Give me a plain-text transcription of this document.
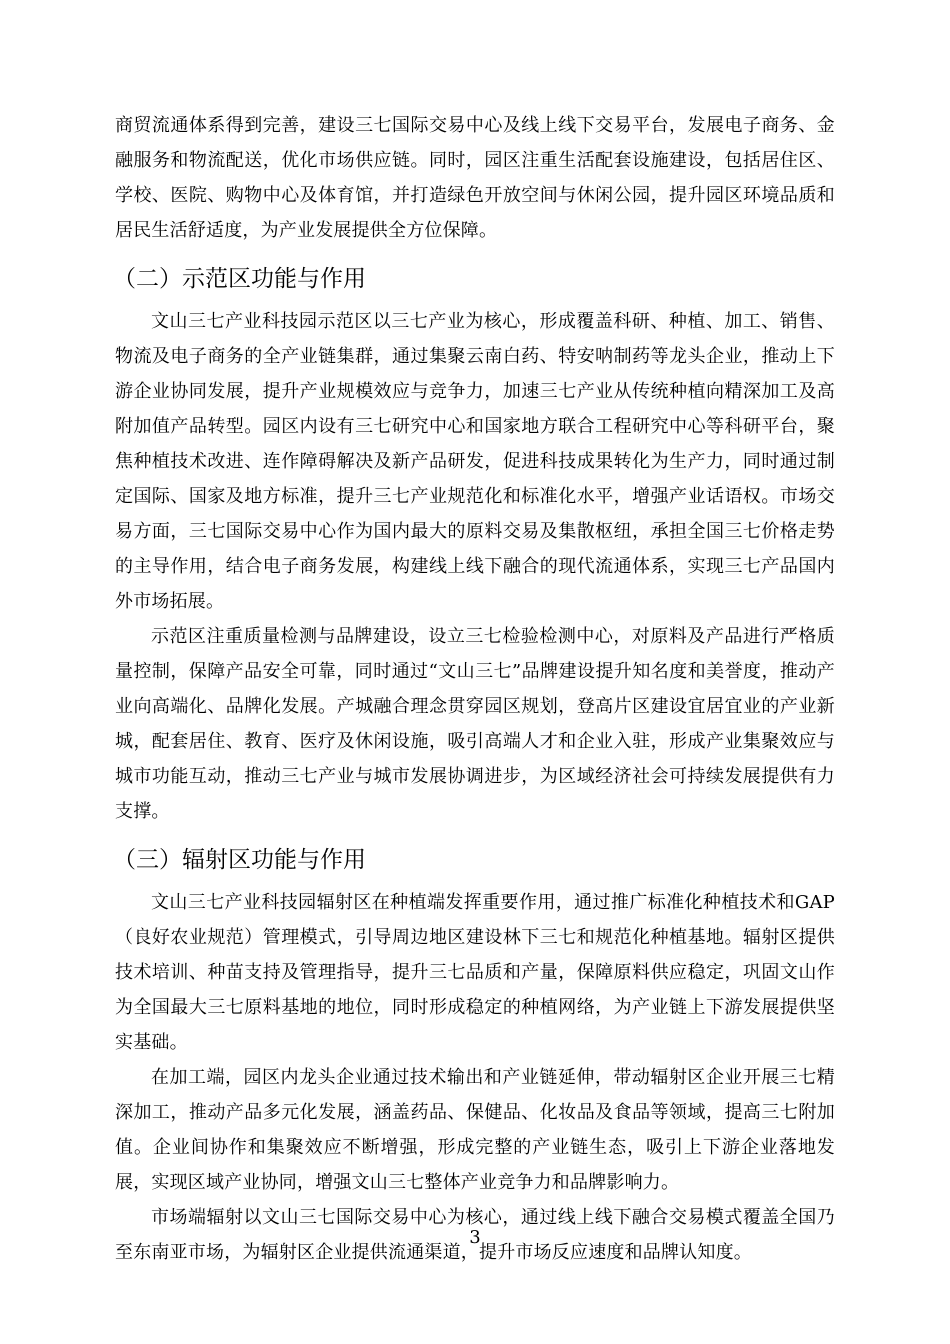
商贸流通体系得到完善，建设三七国际交易中心及线上线下交易平台，发展电子商务、金融服务和物流配送，优化市场供应链。同时，园区注重生活配套设施建设，包括居住区、学校、医院、购物中心及体育馆，并打造绿色开放空间与休闲公园，提升园区环境品质和居民生活舒适度，为产业发展提供全方位保障。

（二）示范区功能与作用

文山三七产业科技园示范区以三七产业为核心，形成覆盖科研、种植、加工、销售、物流及电子商务的全产业链集群，通过集聚云南白药、特安呐制药等龙头企业，推动上下游企业协同发展，提升产业规模效应与竞争力，加速三七产业从传统种植向精深加工及高附加值产品转型。园区内设有三七研究中心和国家地方联合工程研究中心等科研平台，聚焦种植技术改进、连作障碍解决及新产品研发，促进科技成果转化为生产力，同时通过制定国际、国家及地方标准，提升三七产业规范化和标准化水平，增强产业话语权。市场交易方面，三七国际交易中心作为国内最大的原料交易及集散枢纽，承担全国三七价格走势的主导作用，结合电子商务发展，构建线上线下融合的现代流通体系，实现三七产品国内外市场拓展。

示范区注重质量检测与品牌建设，设立三七检验检测中心，对原料及产品进行严格质量控制，保障产品安全可靠，同时通过“文山三七”品牌建设提升知名度和美誉度，推动产业向高端化、品牌化发展。产城融合理念贯穿园区规划，登高片区建设宜居宜业的产业新城，配套居住、教育、医疗及休闲设施，吸引高端人才和企业入驻，形成产业集聚效应与城市功能互动，推动三七产业与城市发展协调进步，为区域经济社会可持续发展提供有力支撑。

（三）辐射区功能与作用

文山三七产业科技园辐射区在种植端发挥重要作用，通过推广标准化种植技术和GAP（良好农业规范）管理模式，引导周边地区建设林下三七和规范化种植基地。辐射区提供技术培训、种苗支持及管理指导，提升三七品质和产量，保障原料供应稳定，巩固文山作为全国最大三七原料基地的地位，同时形成稳定的种植网络，为产业链上下游发展提供坚实基础。

在加工端，园区内龙头企业通过技术输出和产业链延伸，带动辐射区企业开展三七精深加工，推动产品多元化发展，涵盖药品、保健品、化妆品及食品等领域，提高三七附加值。企业间协作和集聚效应不断增强，形成完整的产业链生态，吸引上下游企业落地发展，实现区域产业协同，增强文山三七整体产业竞争力和品牌影响力。

市场端辐射以文山三七国际交易中心为核心，通过线上线下融合交易模式覆盖全国乃至东南亚市场，为辐射区企业提供流通渠道，提升市场反应速度和品牌认知度。

3
